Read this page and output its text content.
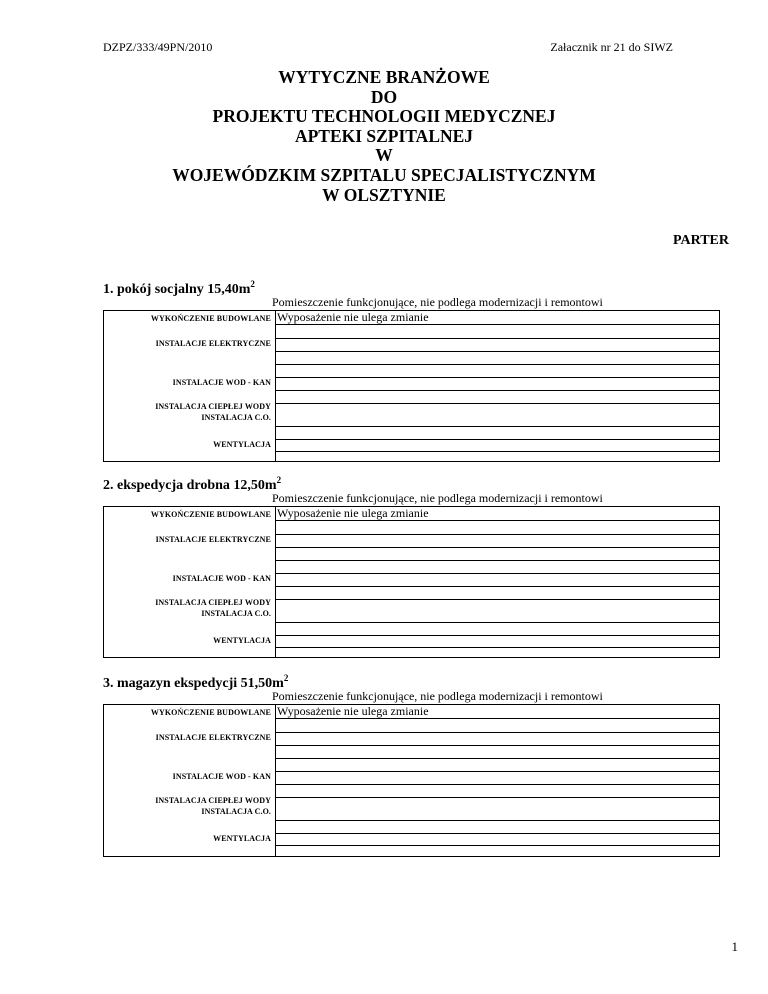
DZPZ/333/49PN/2010	Załacznik nr 21 do SIWZ
WYTYCZNE BRANŻOWE
DO
PROJEKTU TECHNOLOGII MEDYCZNEJ
APTEKI SZPITALNEJ
W
WOJEWÓDZKIM SZPITALU SPECJALISTYCZNYM
W OLSZTYNIE
PARTER
1. pokój socjalny $15,40m^2$
Pomieszczenie funkcjonujące, nie podlega modernizacji i remontowi
Wyposażenie nie ulega zmianie
WYKOŃCZENIE BUDOWLANE
INSTALACJE ELEKTRYCZNE
INSTALACJE WOD - KAN
INSTALACJA CIEPŁEJ WODY
INSTALACJA C.O.
WENTYLACJA
2. ekspedycja drobna $12,50m^2$
Pomieszczenie funkcjonujące, nie podlega modernizacji i remontowi
Wyposażenie nie ulega zmianie
WYKOŃCZENIE BUDOWLANE
INSTALACJE ELEKTRYCZNE
INSTALACJE WOD - KAN
INSTALACJA CIEPŁEJ WODY
INSTALACJA C.O.
WENTYLACJA
3. magazyn ekspedycji $51,50m^2$
Pomieszczenie funkcjonujące, nie podlega modernizacji i remontowi
Wyposażenie nie ulega zmianie
WYKOŃCZENIE BUDOWLANE
INSTALACJE ELEKTRYCZNE
INSTALACJE WOD - KAN
INSTALACJA CIEPŁEJ WODY
INSTALACJA C.O.
WENTYLACJA
1
